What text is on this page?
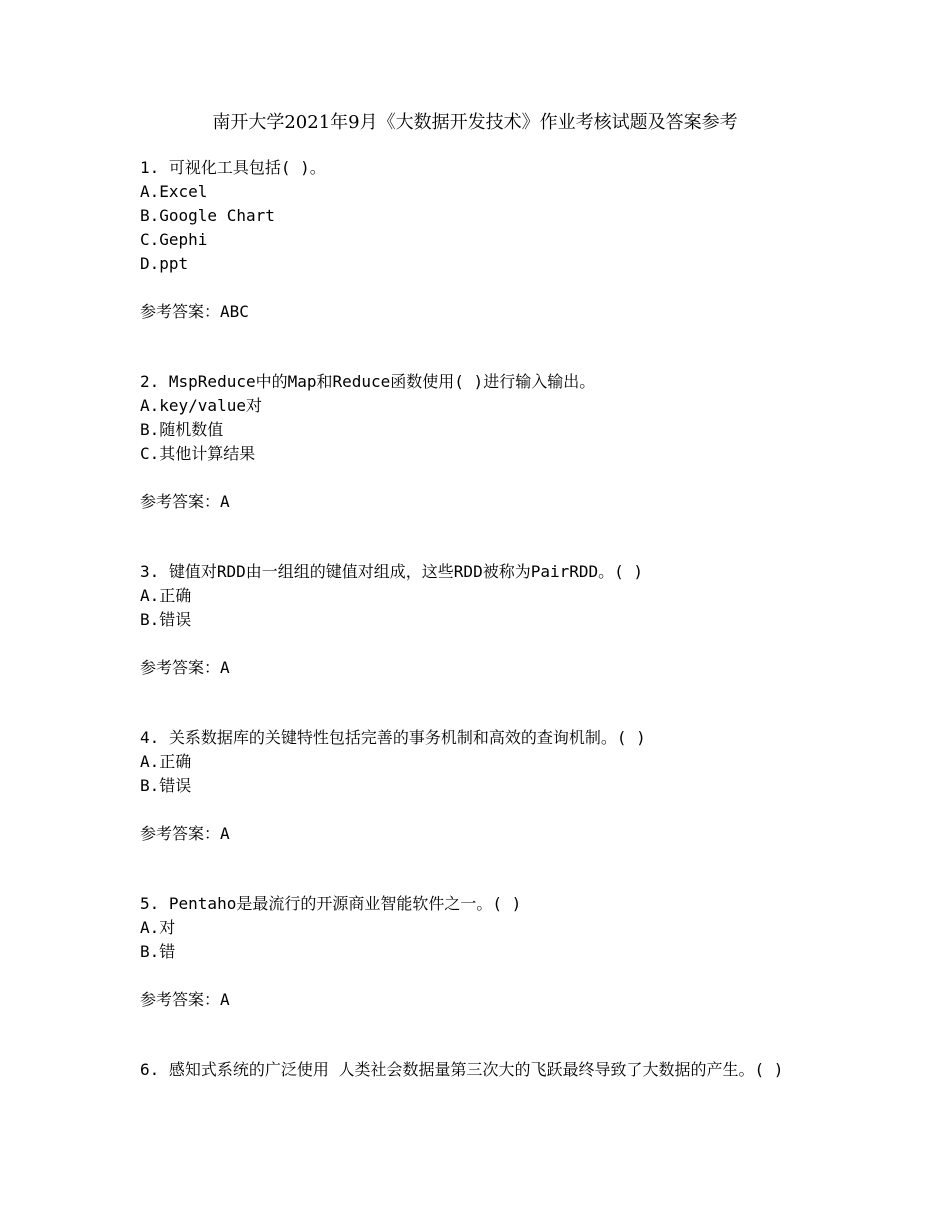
南开大学2021年9月《大数据开发技术》作业考核试题及答案参考
1. 可视化工具包括( )。
A.Excel
B.Google Chart
C.Gephi
D.ppt
参考答案：ABC
2. MspReduce中的Map和Reduce函数使用( )进行输入输出。
A.key/value对
B.随机数值
C.其他计算结果
参考答案：A
3. 键值对RDD由一组组的键值对组成，这些RDD被称为PairRDD。( )
A.正确
B.错误
参考答案：A
4. 关系数据库的关键特性包括完善的事务机制和高效的查询机制。( )
A.正确
B.错误
参考答案：A
5. Pentaho是最流行的开源商业智能软件之一。( )
A.对
B.错
参考答案：A
6. 感知式系统的广泛使用 人类社会数据量第三次大的飞跃最终导致了大数据的产生。( )
